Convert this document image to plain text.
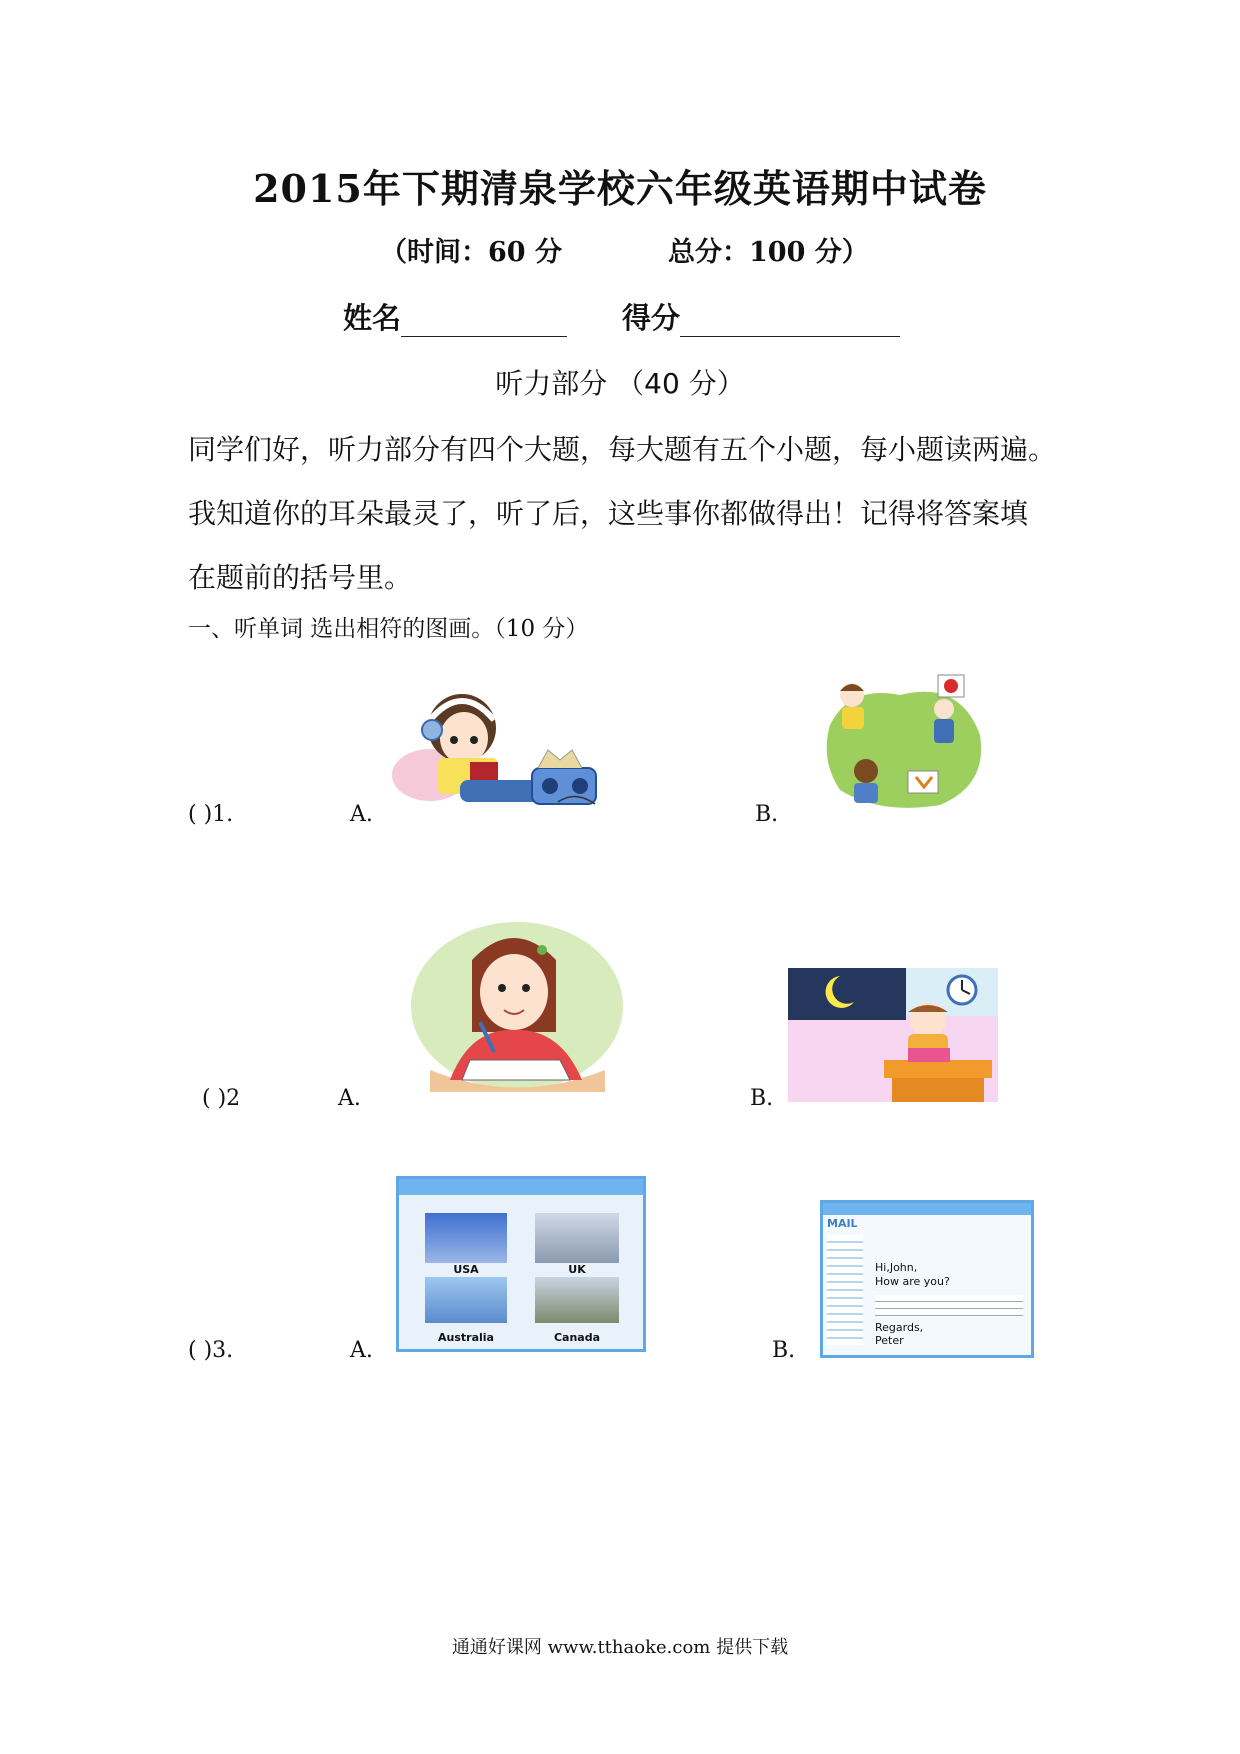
2015年下期清泉学校六年级英语期中试卷
（时间：60 分	总分：100 分）
姓名	得分
听力部分 （40 分）
同学们好，听力部分有四个大题，每大题有五个小题，每小题读两遍。
我知道你的耳朵最灵了，听了后，这些事你都做得出！记得将答案填
在题前的括号里。
一、听单词 选出相符的图画。（10 分）
( )1.	A.	B.
( )2	A.	B.
( )3.	A.	B.
USA	UK
Australia	Canada
MAIL
Hi,John,
How are you?
Regards,
Peter
通通好课网 www.tthaoke.com 提供下载
